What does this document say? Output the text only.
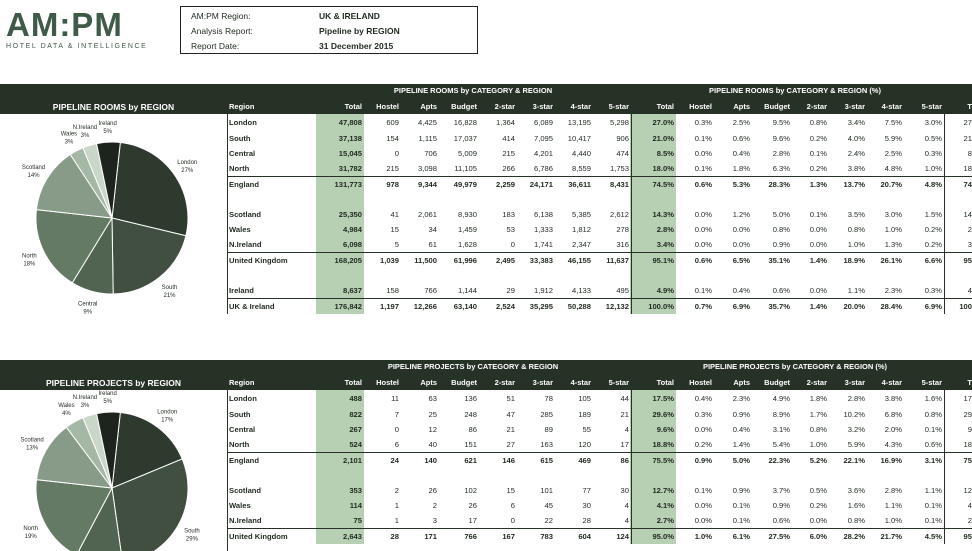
AM:PM
HOTEL DATA & INTELLIGENCE
AM:PM Region:	UK & IRELAND
Analysis Report:	Pipeline by REGION
Report Date:	31 December 2015
PIPELINE ROOMS by CATEGORY & REGION	PIPELINE ROOMS by CATEGORY & REGION (%)
PIPELINE ROOMS by REGION
London
27%
South
21%
Central
9%
North
18%
Scotland
14%
Wales
3%
N.Ireland
3%
Ireland
5%
Region	Total	Hostel	Apts	Budget	2-star	3-star	4-star	5-star	Total	Hostel	Apts	Budget	2-star	3-star	4-star	5-star	T
London	47,808	609	4,425	16,828	1,364	6,089	13,195	5,298	27.0%	0.3%	2.5%	9.5%	0.8%	3.4%	7.5%	3.0%	27
South	37,138	154	1,115	17,037	414	7,095	10,417	906	21.0%	0.1%	0.6%	9.6%	0.2%	4.0%	5.9%	0.5%	21
Central	15,045	0	706	5,009	215	4,201	4,440	474	8.5%	0.0%	0.4%	2.8%	0.1%	2.4%	2.5%	0.3%	8
North	31,782	215	3,098	11,105	266	6,786	8,559	1,753	18.0%	0.1%	1.8%	6.3%	0.2%	3.8%	4.8%	1.0%	18
England	131,773	978	9,344	49,979	2,259	24,171	36,611	8,431	74.5%	0.6%	5.3%	28.3%	1.3%	13.7%	20.7%	4.8%	74
Scotland	25,350	41	2,061	8,930	183	6,138	5,385	2,612	14.3%	0.0%	1.2%	5.0%	0.1%	3.5%	3.0%	1.5%	14
Wales	4,984	15	34	1,459	53	1,333	1,812	278	2.8%	0.0%	0.0%	0.8%	0.0%	0.8%	1.0%	0.2%	2
N.Ireland	6,098	5	61	1,628	0	1,741	2,347	316	3.4%	0.0%	0.0%	0.9%	0.0%	1.0%	1.3%	0.2%	3
United Kingdom	168,205	1,039	11,500	61,996	2,495	33,383	46,155	11,637	95.1%	0.6%	6.5%	35.1%	1.4%	18.9%	26.1%	6.6%	95
Ireland	8,637	158	766	1,144	29	1,912	4,133	495	4.9%	0.1%	0.4%	0.6%	0.0%	1.1%	2.3%	0.3%	4
UK & Ireland	176,842	1,197	12,266	63,140	2,524	35,295	50,288	12,132	100.0%	0.7%	6.9%	35.7%	1.4%	20.0%	28.4%	6.9%	100
PIPELINE PROJECTS by CATEGORY & REGION	PIPELINE PROJECTS by CATEGORY & REGION (%)
PIPELINE PROJECTS by REGION
London
17%
South
29%
North
19%
Scotland
13%
Wales
4%
N.Ireland
3%
Ireland
5%
Region	Total	Hostel	Apts	Budget	2-star	3-star	4-star	5-star	Total	Hostel	Apts	Budget	2-star	3-star	4-star	5-star	T
London	488	11	63	136	51	78	105	44	17.5%	0.4%	2.3%	4.9%	1.8%	2.8%	3.8%	1.6%	17
South	822	7	25	248	47	285	189	21	29.6%	0.3%	0.9%	8.9%	1.7%	10.2%	6.8%	0.8%	29
Central	267	0	12	86	21	89	55	4	9.6%	0.0%	0.4%	3.1%	0.8%	3.2%	2.0%	0.1%	9
North	524	6	40	151	27	163	120	17	18.8%	0.2%	1.4%	5.4%	1.0%	5.9%	4.3%	0.6%	18
England	2,101	24	140	621	146	615	469	86	75.5%	0.9%	5.0%	22.3%	5.2%	22.1%	16.9%	3.1%	75
Scotland	353	2	26	102	15	101	77	30	12.7%	0.1%	0.9%	3.7%	0.5%	3.6%	2.8%	1.1%	12
Wales	114	1	2	26	6	45	30	4	4.1%	0.0%	0.1%	0.9%	0.2%	1.6%	1.1%	0.1%	4
N.Ireland	75	1	3	17	0	22	28	4	2.7%	0.0%	0.1%	0.6%	0.0%	0.8%	1.0%	0.1%	2
United Kingdom	2,643	28	171	766	167	783	604	124	95.0%	1.0%	6.1%	27.5%	6.0%	28.2%	21.7%	4.5%	95
